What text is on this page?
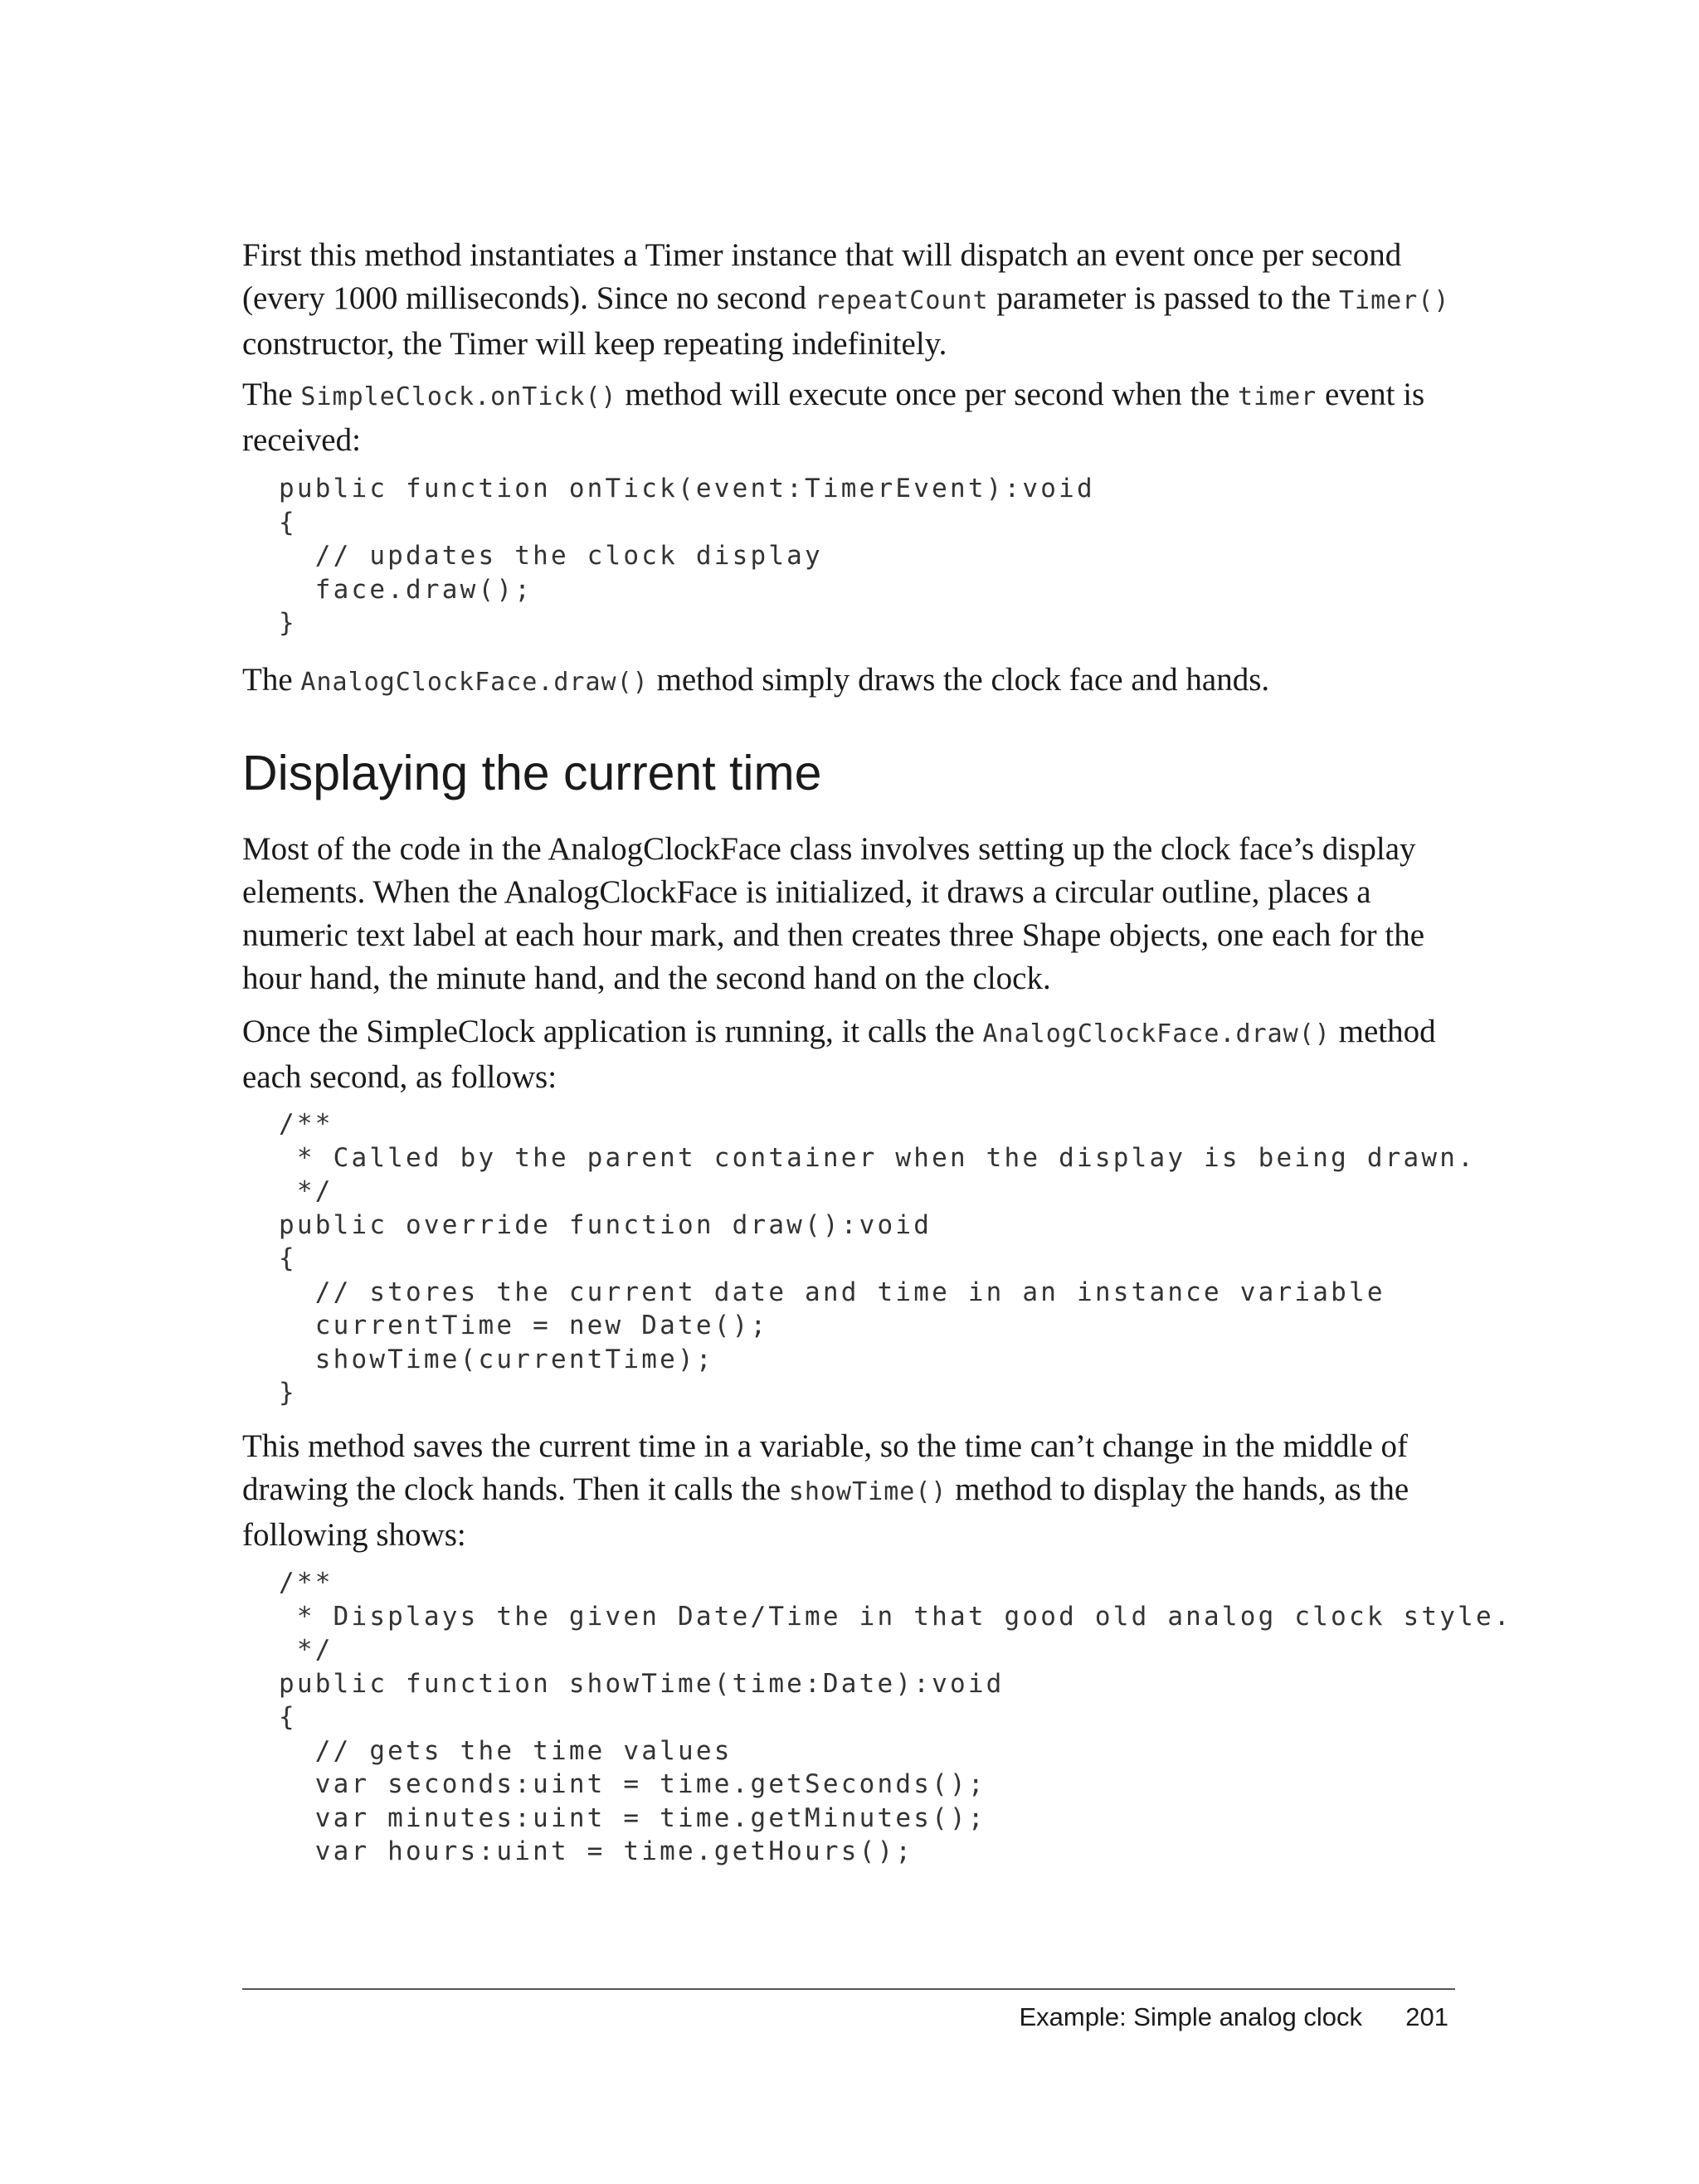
First this method instantiates a Timer instance that will dispatch an event once per second (every 1000 milliseconds). Since no second repeatCount parameter is passed to the Timer() constructor, the Timer will keep repeating indefinitely.

The SimpleClock.onTick() method will execute once per second when the timer event is received:

public function onTick(event:TimerEvent):void
{
// updates the clock display
face.draw();
}

The AnalogClockFace.draw() method simply draws the clock face and hands.

Displaying the current time

Most of the code in the AnalogClockFace class involves setting up the clock face’s display elements. When the AnalogClockFace is initialized, it draws a circular outline, places a numeric text label at each hour mark, and then creates three Shape objects, one each for the hour hand, the minute hand, and the second hand on the clock.

Once the SimpleClock application is running, it calls the AnalogClockFace.draw() method each second, as follows:

/**
* Called by the parent container when the display is being drawn.
*/
public override function draw():void
{
// stores the current date and time in an instance variable
currentTime = new Date();
showTime(currentTime);
}

This method saves the current time in a variable, so the time can’t change in the middle of drawing the clock hands. Then it calls the showTime() method to display the hands, as the following shows:

/**
* Displays the given Date/Time in that good old analog clock style.
*/
public function showTime(time:Date):void
{
// gets the time values
var seconds:uint = time.getSeconds();
var minutes:uint = time.getMinutes();
var hours:uint = time.getHours();
Example: Simple analog clock 201
